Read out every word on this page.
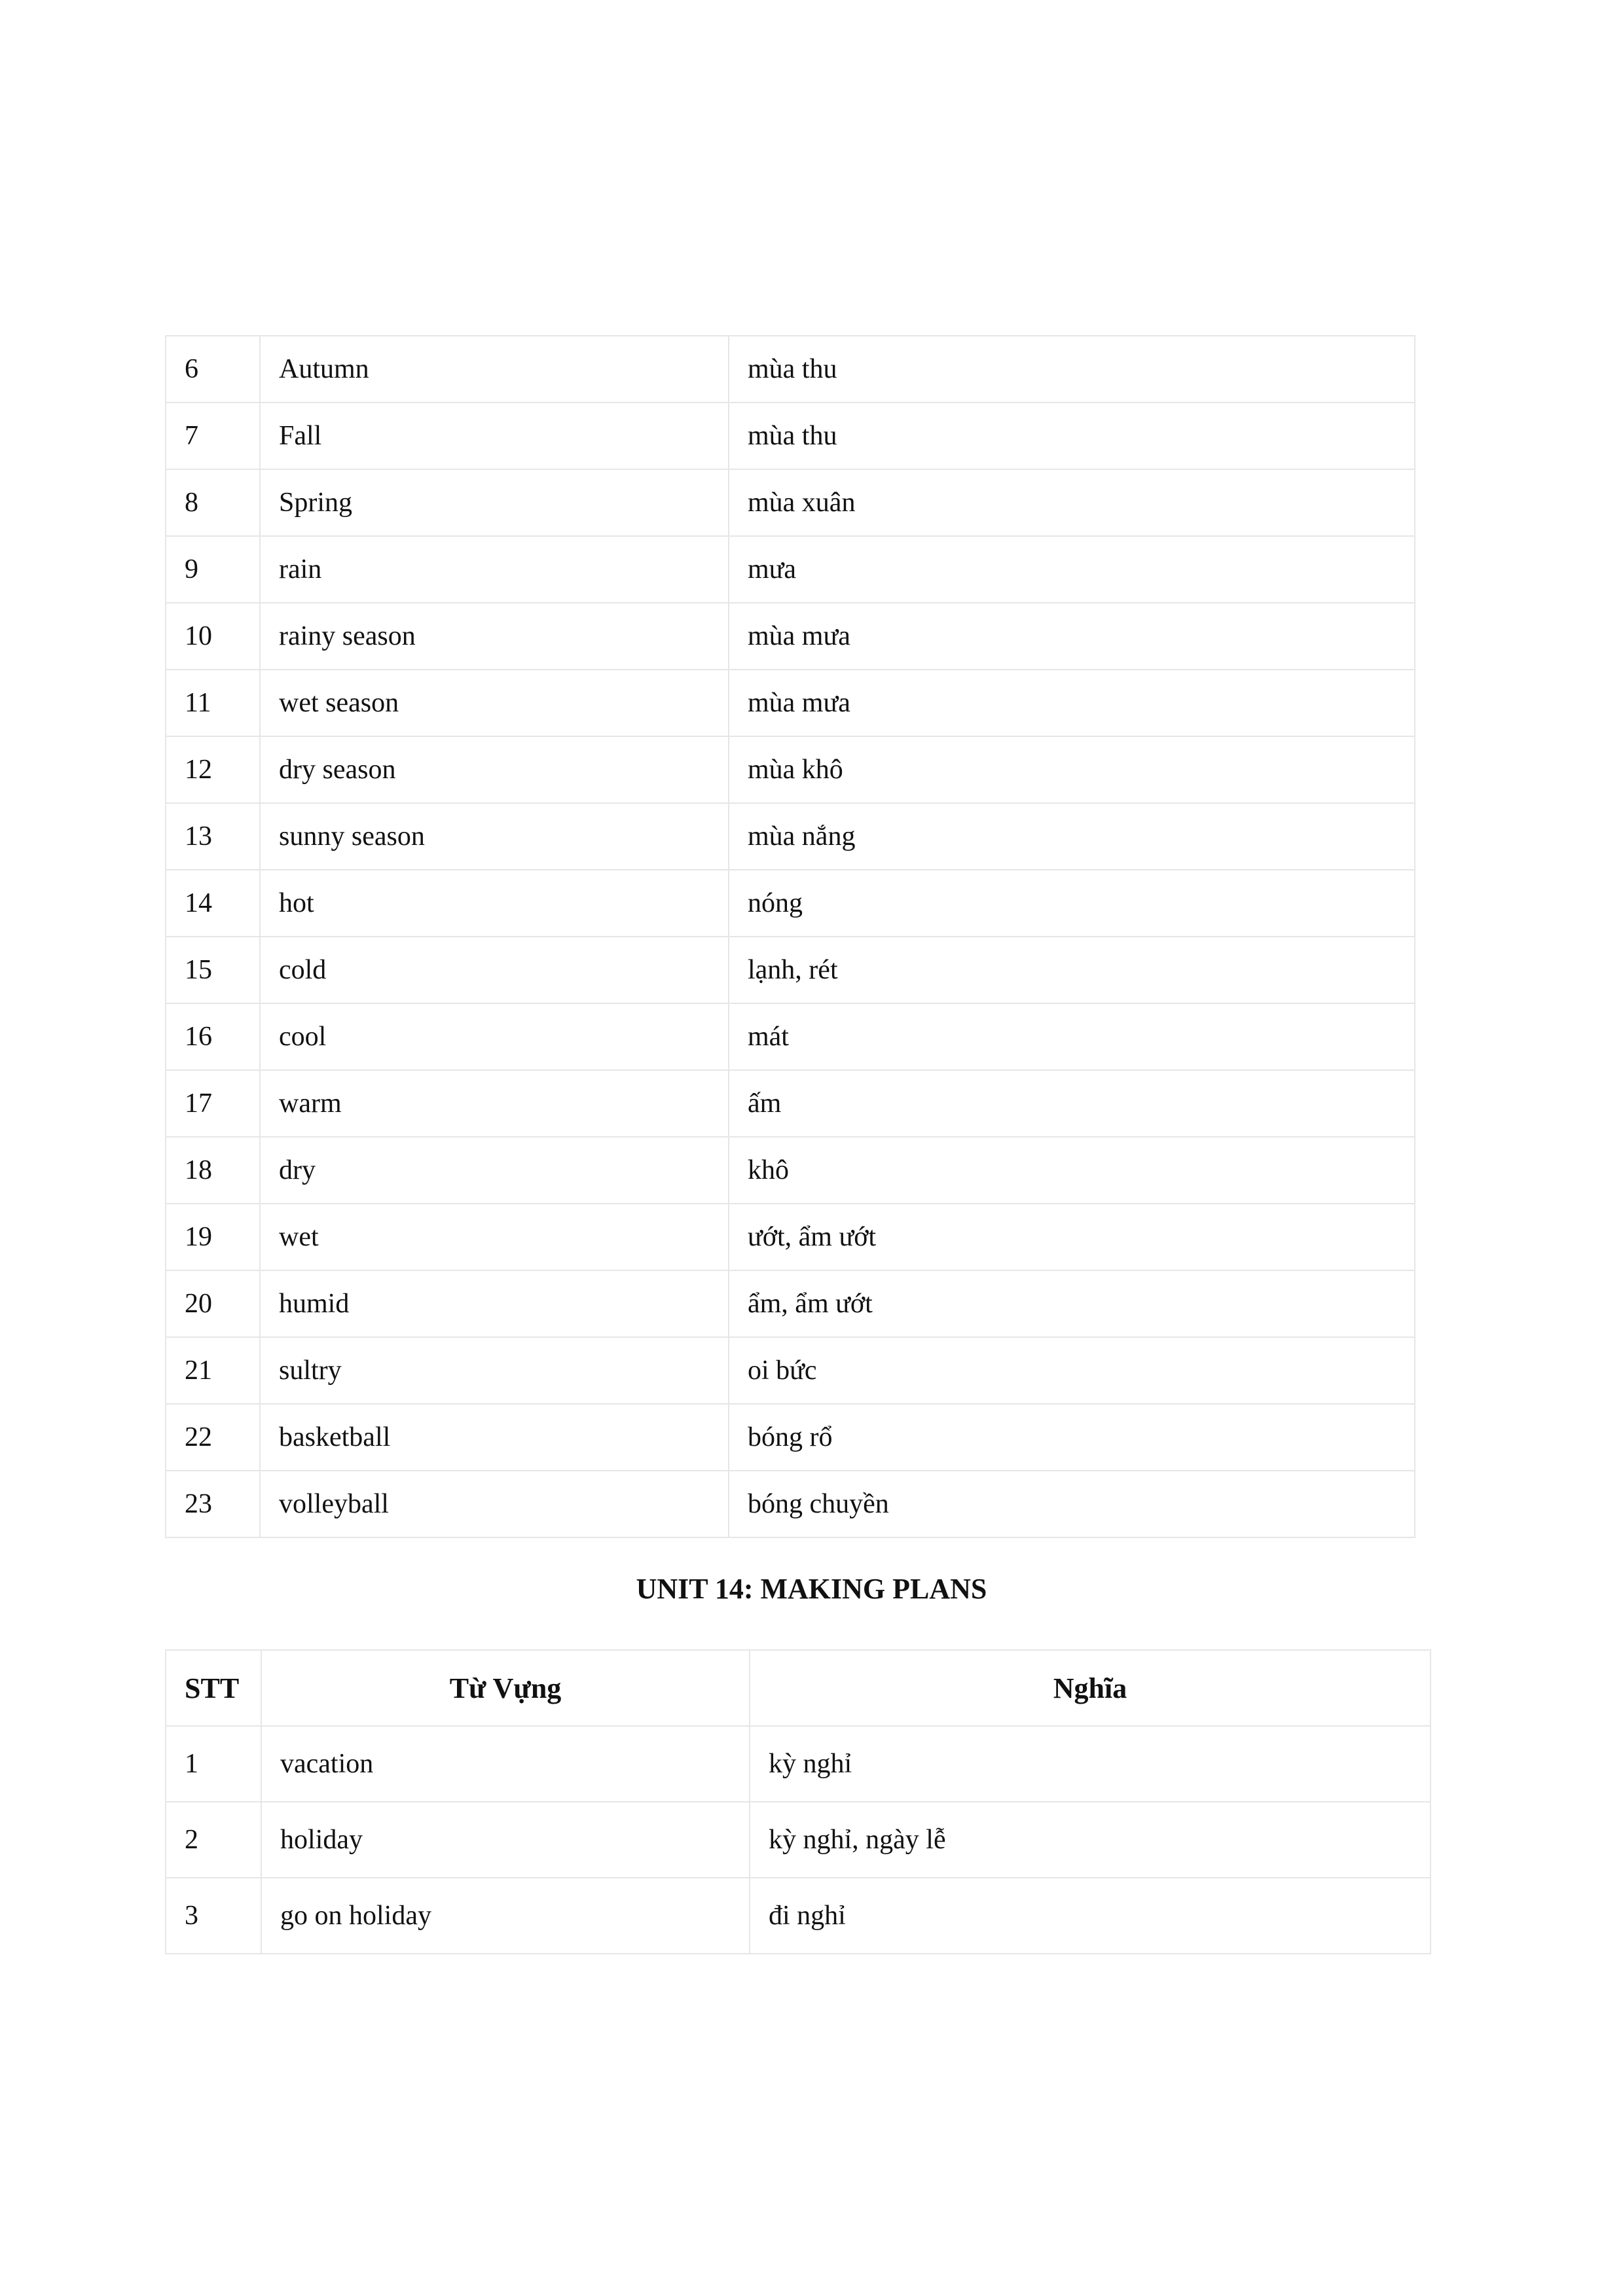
6	Autumn	mùa thu
7	Fall	mùa thu
8	Spring	mùa xuân
9	rain	mưa
10	rainy season	mùa mưa
11	wet season	mùa mưa
12	dry season	mùa khô
13	sunny season	mùa nắng
14	hot	nóng
15	cold	lạnh, rét
16	cool	mát
17	warm	ấm
18	dry	khô
19	wet	ướt, ẩm ướt
20	humid	ẩm, ẩm ướt
21	sultry	oi bức
22	basketball	bóng rổ
23	volleyball	bóng chuyền
UNIT 14: MAKING PLANS
STT	Từ Vựng	Nghĩa
1	vacation	kỳ nghỉ
2	holiday	kỳ nghỉ, ngày lễ
3	go on holiday	đi nghỉ
